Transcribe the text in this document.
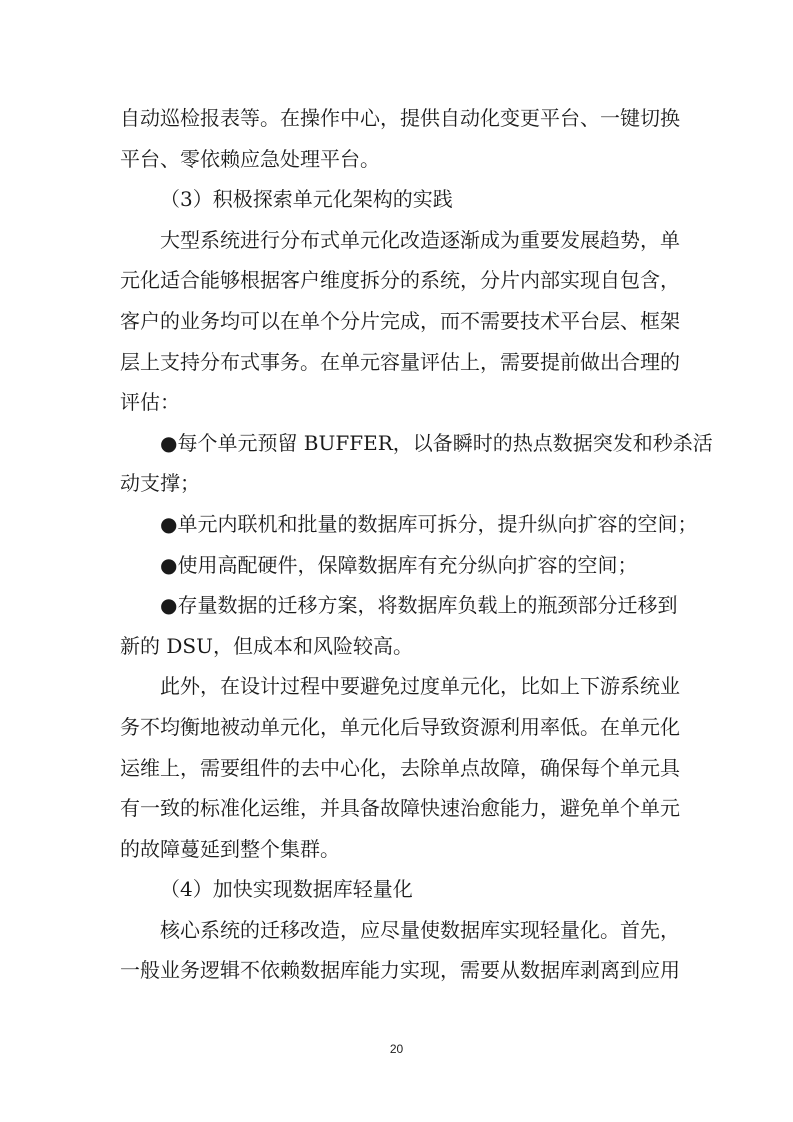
自动巡检报表等。在操作中心，提供自动化变更平台、一键切换
平台、零依赖应急处理平台。
（3）积极探索单元化架构的实践
大型系统进行分布式单元化改造逐渐成为重要发展趋势，单
元化适合能够根据客户维度拆分的系统，分片内部实现自包含，
客户的业务均可以在单个分片完成，而不需要技术平台层、框架
层上支持分布式事务。在单元容量评估上，需要提前做出合理的
评估：
●每个单元预留 BUFFER，以备瞬时的热点数据突发和秒杀活
动支撑；
●单元内联机和批量的数据库可拆分，提升纵向扩容的空间；
●使用高配硬件，保障数据库有充分纵向扩容的空间；
●存量数据的迁移方案，将数据库负载上的瓶颈部分迁移到
新的 DSU，但成本和风险较高。
此外，在设计过程中要避免过度单元化，比如上下游系统业
务不均衡地被动单元化，单元化后导致资源利用率低。在单元化
运维上，需要组件的去中心化，去除单点故障，确保每个单元具
有一致的标准化运维，并具备故障快速治愈能力，避免单个单元
的故障蔓延到整个集群。
（4）加快实现数据库轻量化
核心系统的迁移改造，应尽量使数据库实现轻量化。首先，
一般业务逻辑不依赖数据库能力实现，需要从数据库剥离到应用
20
